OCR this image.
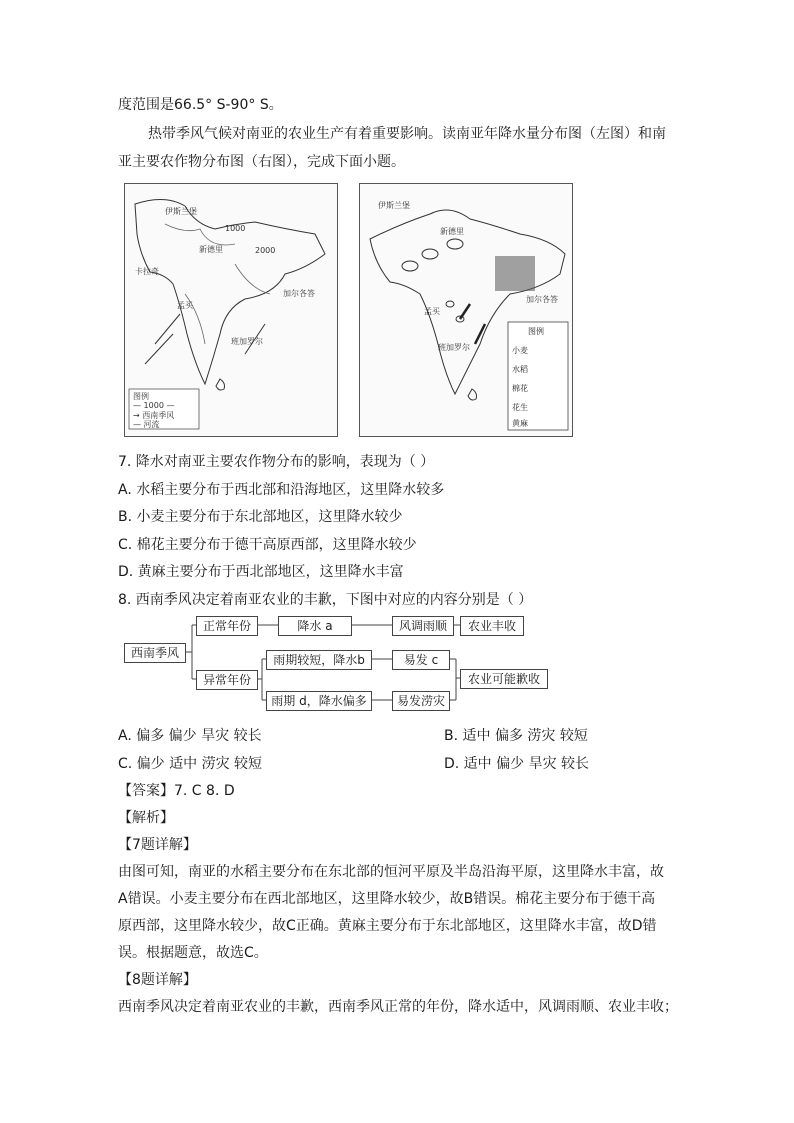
度范围是66.5° S-90° S。
热带季风气候对南亚的农业生产有着重要影响。读南亚年降水量分布图（左图）和南
亚主要农作物分布图（右图），完成下面小题。
伊斯兰堡
新德里
卡拉奇
孟买
加尔各答
班加罗尔
1000
2000
图例
— 1000 —
→ 西南季风
— 河流
伊斯兰堡
新德里
孟买
加尔各答
班加罗尔
图例
小麦
水稻
棉花
花生
黄麻
7. 降水对南亚主要农作物分布的影响，表现为（ ）
A. 水稻主要分布于西北部和沿海地区，这里降水较多
B. 小麦主要分布于东北部地区，这里降水较少
C. 棉花主要分布于德干高原西部，这里降水较少
D. 黄麻主要分布于西北部地区，这里降水丰富
8. 西南季风决定着南亚农业的丰歉，下图中对应的内容分别是（ ）
西南季风
正常年份	降水 a	风调雨顺	农业丰收
异常年份
雨期较短，降水b	易发 c
雨期 d，降水偏多	易发涝灾
农业可能歉收
A. 偏多 偏少 旱灾 较长	B. 适中 偏多 涝灾 较短
C. 偏少 适中 涝灾 较短	D. 适中 偏少 旱灾 较长
【答案】7. C 8. D
【解析】
【7题详解】
由图可知，南亚的水稻主要分布在东北部的恒河平原及半岛沿海平原，这里降水丰富，故
A错误。小麦主要分布在西北部地区，这里降水较少，故B错误。棉花主要分布于德干高
原西部，这里降水较少，故C正确。黄麻主要分布于东北部地区，这里降水丰富，故D错
误。根据题意，故选C。
【8题详解】
西南季风决定着南亚农业的丰歉，西南季风正常的年份，降水适中，风调雨顺、农业丰收；
